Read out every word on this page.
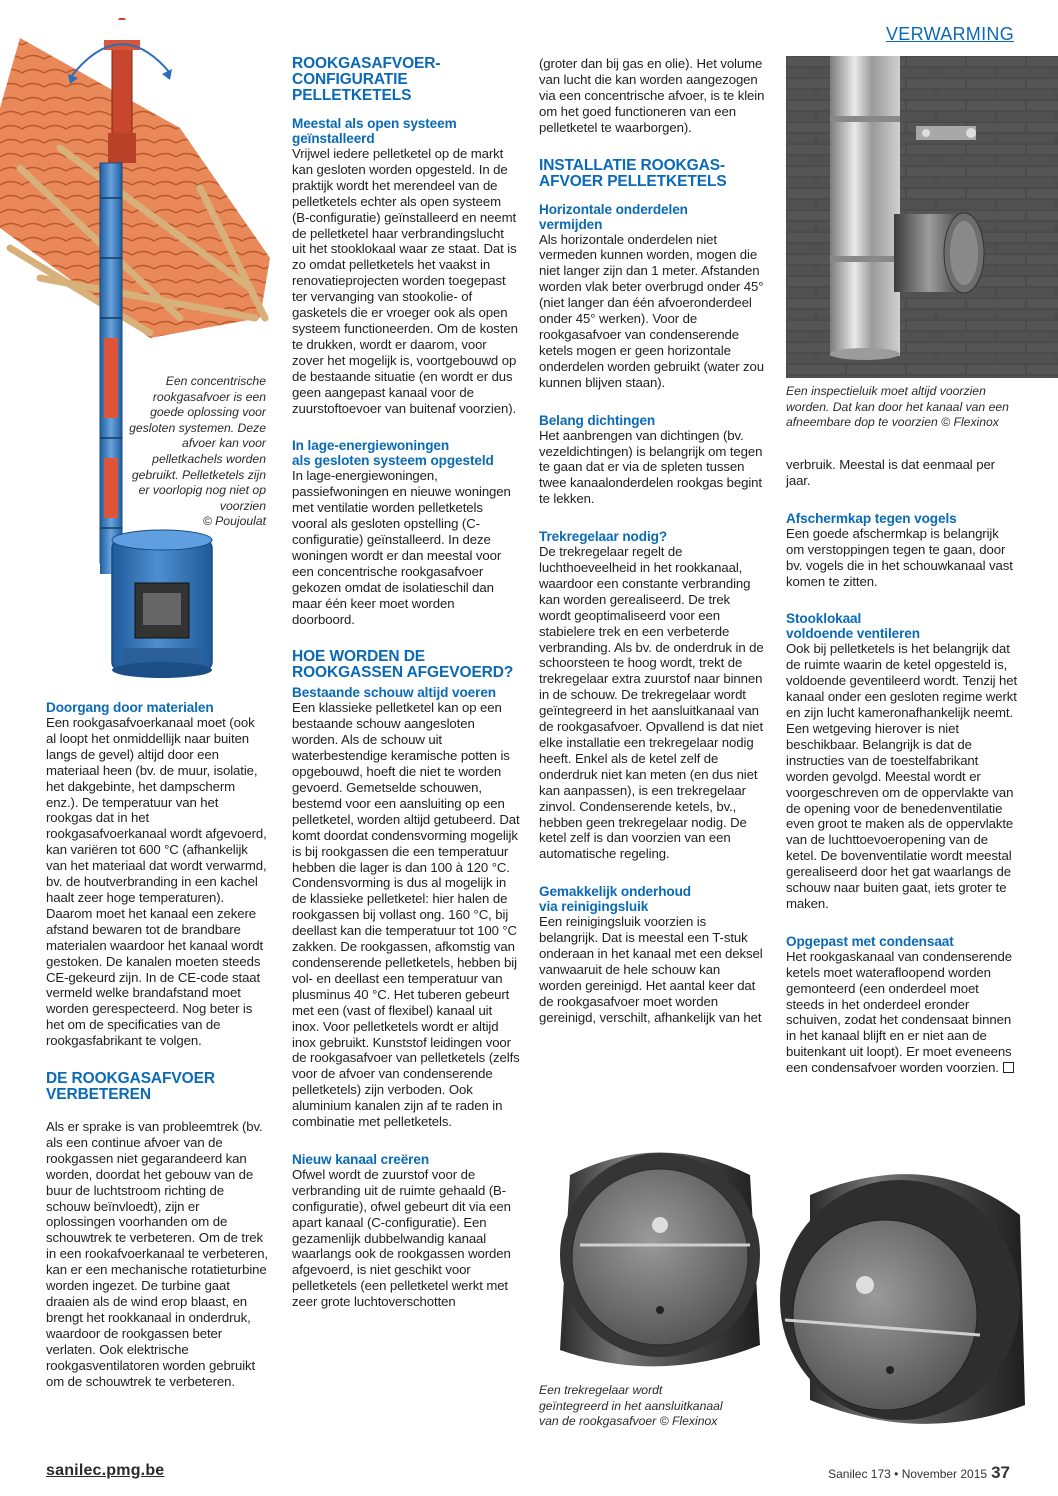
VERWARMING
Een concentrische
rookgasafvoer is een
goede oplossing voor
gesloten systemen. Deze
afvoer kan voor
pelletkachels worden
gebruikt. Pelletketels zijn
er voorlopig nog niet op
voorzien
© Poujoulat

Doorgang door materialen

Een rookgasafvoerkanaal moet (ook al loopt het onmiddellijk naar buiten langs de gevel) altijd door een materiaal heen (bv. de muur, isolatie, het dakgebinte, het dampscherm enz.). De temperatuur van het rookgas dat in het rookgasafvoerkanaal wordt afgevoerd, kan variëren tot 600 °C (afhankelijk van het materiaal dat wordt verwarmd, bv. de houtverbranding in een kachel haalt zeer hoge temperaturen). Daarom moet het kanaal een zekere afstand bewaren tot de brandbare materialen waardoor het kanaal wordt gestoken. De kanalen moeten steeds CE-gekeurd zijn. In de CE-code staat vermeld welke brandafstand moet worden gerespecteerd. Nog beter is het om de specificaties van de rookgasfabrikant te volgen.

DE ROOKGASAFVOER

VERBETEREN

Als er sprake is van probleemtrek (bv. als een continue afvoer van de rookgassen niet gegarandeerd kan worden, doordat het gebouw van de buur de luchtstroom richting de schouw beïnvloedt), zijn er oplossingen voorhanden om de schouwtrek te verbeteren. Om de trek in een rookafvoerkanaal te verbeteren, kan er een mechanische rotatieturbine worden ingezet. De turbine gaat draaien als de wind erop blaast, en brengt het rookkanaal in onderdruk, waardoor de rookgassen beter verlaten. Ook elektrische rookgasventilatoren worden gebruikt om de schouwtrek te verbeteren.

ROOKGASAFVOER-

CONFIGURATIE PELLETKETELS

Meestal als open systeem

geïnstalleerd

Vrijwel iedere pelletketel op de markt kan gesloten worden opgesteld. In de praktijk wordt het merendeel van de pelletketels echter als open systeem (B-configuratie) geïnstalleerd en neemt de pelletketel haar verbrandingslucht uit het stooklokaal waar ze staat. Dat is zo omdat pelletketels het vaakst in renovatieprojecten worden toegepast ter vervanging van stookolie- of gasketels die er vroeger ook als open systeem functioneerden. Om de kosten te drukken, wordt er daarom, voor zover het mogelijk is, voortgebouwd op de bestaande situatie (en wordt er dus geen aangepast kanaal voor de zuurstoftoevoer van buitenaf voorzien).

In lage-energiewoningen

als gesloten systeem opgesteld

In lage-energiewoningen, passiefwoningen en nieuwe woningen met ventilatie worden pelletketels vooral als gesloten opstelling (C-configuratie) geïnstalleerd. In deze woningen wordt er dan meestal voor een concentrische rookgasafvoer gekozen omdat de isolatieschil dan maar één keer moet worden doorboord.

HOE WORDEN DE

ROOKGASSEN AFGEVOERD?

Bestaande schouw altijd voeren

Een klassieke pelletketel kan op een bestaande schouw aangesloten worden. Als de schouw uit waterbestendige keramische potten is opgebouwd, hoeft die niet te worden gevoerd. Gemetselde schouwen, bestemd voor een aansluiting op een pelletketel, worden altijd getubeerd. Dat komt doordat condensvorming mogelijk is bij rookgassen die een temperatuur hebben die lager is dan 100 à 120 °C. Condensvorming is dus al mogelijk in de klassieke pelletketel: hier halen de rookgassen bij vollast ong. 160 °C, bij deellast kan die temperatuur tot 100 °C zakken. De rookgassen, afkomstig van condenserende pelletketels, hebben bij vol- en deellast een temperatuur van plusminus 40 °C. Het tuberen gebeurt met een (vast of flexibel) kanaal uit inox. Voor pelletketels wordt er altijd inox gebruikt. Kunststof leidingen voor de rookgasafvoer van pelletketels (zelfs voor de afvoer van condenserende pelletketels) zijn verboden. Ook aluminium kanalen zijn af te raden in combinatie met pelletketels.

Nieuw kanaal creëren

Ofwel wordt de zuurstof voor de verbranding uit de ruimte gehaald (B-configuratie), ofwel gebeurt dit via een apart kanaal (C-configuratie). Een gezamenlijk dubbelwandig kanaal waarlangs ook de rookgassen worden afgevoerd, is niet geschikt voor pelletketels (een pelletketel werkt met zeer grote luchtoverschotten

(groter dan bij gas en olie). Het volume van lucht die kan worden aangezogen via een concentrische afvoer, is te klein om het goed functioneren van een pelletketel te waarborgen).

INSTALLATIE ROOKGAS-

AFVOER PELLETKETELS

Horizontale onderdelen

vermijden

Als horizontale onderdelen niet vermeden kunnen worden, mogen die niet langer zijn dan 1 meter. Afstanden worden vlak beter overbrugd onder 45° (niet langer dan één afvoeronderdeel onder 45° werken). Voor de rookgasafvoer van condenserende ketels mogen er geen horizontale onderdelen worden gebruikt (water zou kunnen blijven staan).

Belang dichtingen

Het aanbrengen van dichtingen (bv. vezeldichtingen) is belangrijk om tegen te gaan dat er via de spleten tussen twee kanaalonderdelen rookgas begint te lekken.

Trekregelaar nodig?

De trekregelaar regelt de luchthoeveelheid in het rookkanaal, waardoor een constante verbranding kan worden gerealiseerd. De trek wordt geoptimaliseerd voor een stabielere trek en een verbeterde verbranding. Als bv. de onderdruk in de schoorsteen te hoog wordt, trekt de trekregelaar extra zuurstof naar binnen in de schouw. De trekregelaar wordt geïntegreerd in het aansluitkanaal van de rookgasafvoer. Opvallend is dat niet elke installatie een trekregelaar nodig heeft. Enkel als de ketel zelf de onderdruk niet kan meten (en dus niet kan aanpassen), is een trekregelaar zinvol. Condenserende ketels, bv., hebben geen trekregelaar nodig. De ketel zelf is dan voorzien van een automatische regeling.

Gemakkelijk onderhoud

via reinigingsluik

Een reinigingsluik voorzien is belangrijk. Dat is meestal een T-stuk onderaan in het kanaal met een deksel vanwaaruit de hele schouw kan worden gereinigd. Het aantal keer dat de rookgasafvoer moet worden gereinigd, verschilt, afhankelijk van het

Een inspectieluik moet altijd voorzien
worden. Dat kan door het kanaal van een
afneembare dop te voorzien © Flexinox

verbruik. Meestal is dat eenmaal per jaar.

Afschermkap tegen vogels

Een goede afschermkap is belangrijk om verstoppingen tegen te gaan, door bv. vogels die in het schouwkanaal vast komen te zitten.

Stooklokaal

voldoende ventileren

Ook bij pelletketels is het belangrijk dat de ruimte waarin de ketel opgesteld is, voldoende geventileerd wordt. Tenzij het kanaal onder een gesloten regime werkt en zijn lucht kameronafhankelijk neemt. Een wetgeving hierover is niet beschikbaar. Belangrijk is dat de instructies van de toestelfabrikant worden gevolgd. Meestal wordt er voorgeschreven om de oppervlakte van de opening voor de benedenventilatie even groot te maken als de oppervlakte van de luchttoevoeropening van de ketel. De bovenventilatie wordt meestal gerealiseerd door het gat waarlangs de schouw naar buiten gaat, iets groter te maken.

Opgepast met condensaat

Het rookgaskanaal van condenserende ketels moet waterafloopend worden gemonteerd (een onderdeel moet steeds in het onderdeel eronder schuiven, zodat het condensaat binnen in het kanaal blijft en er niet aan de buitenkant uit loopt). Er moet eveneens een condensafvoer worden voorzien.

Een trekregelaar wordt
geïntegreerd in het aansluitkanaal
van de rookgasafvoer © Flexinox
sanilec.pmg.be	Sanilec 173 • November 2015 37
